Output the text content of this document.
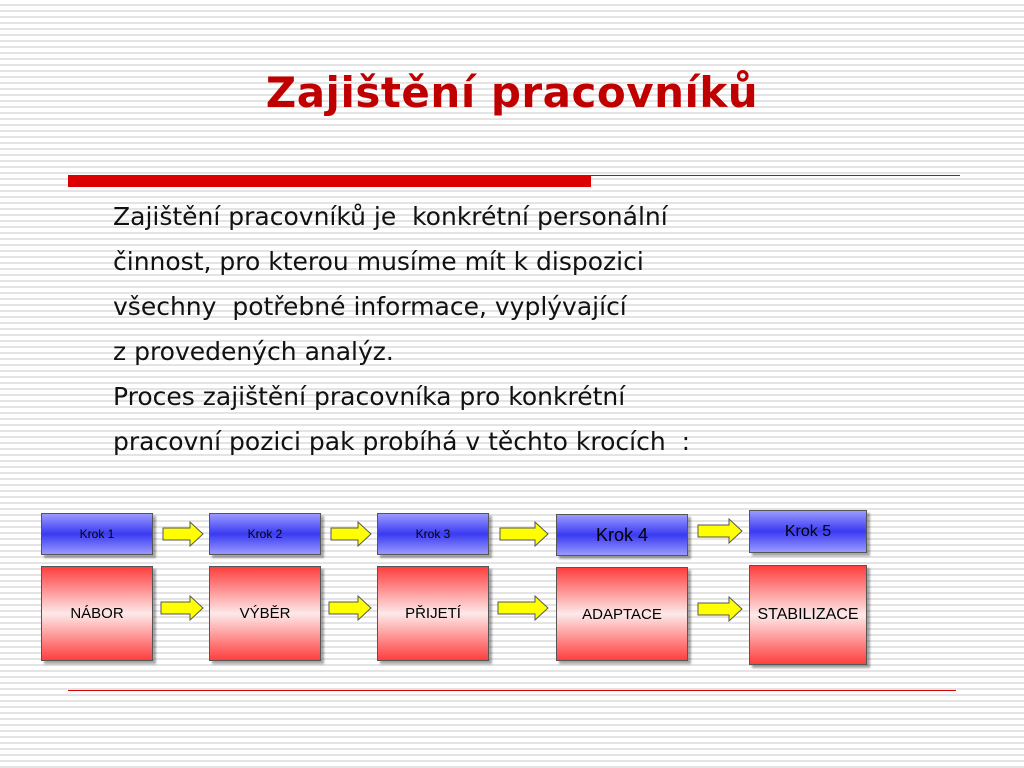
Zajištění pracovníků

Zajištění pracovníků je  konkrétní personální

činnost, pro kterou musíme mít k dispozici

všechny  potřebné informace, vyplývající

z provedených analýz.

Proces zajištění pracovníka pro konkrétní

pracovní pozici pak probíhá v těchto krocích  :

Krok 1	Krok 2	Krok 3	Krok 4	Krok 5
NÁBOR	VÝBĚR	PŘIJETÍ	ADAPTACE	STABILIZACE
